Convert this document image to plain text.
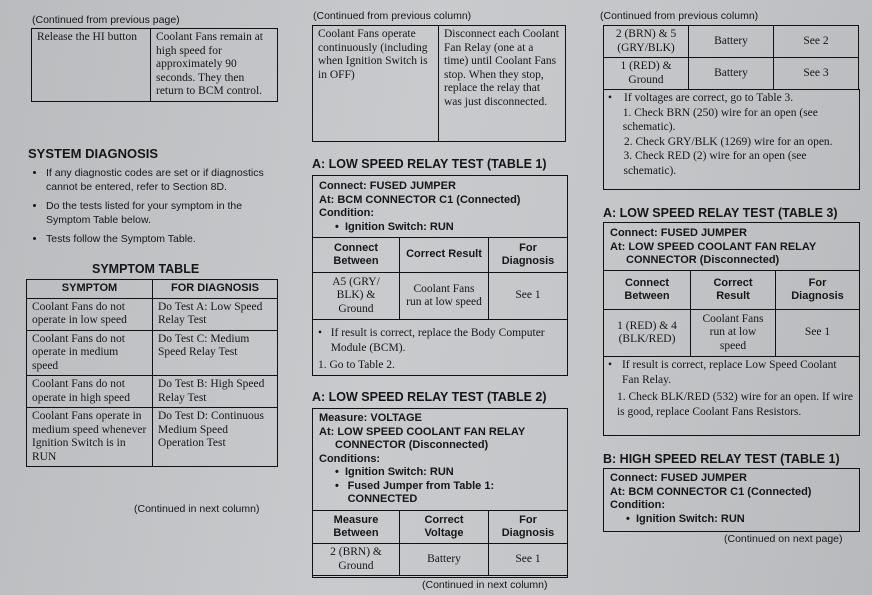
(Continued from previous page)
Release the HI button	Coolant Fans remain at high speed for approximately 90 seconds. They then return to BCM control.
SYSTEM DIAGNOSIS
• If any diagnostic codes are set or if diagnostics cannot be entered, refer to Section 8D.
• Do the tests listed for your symptom in the Symptom Table below.
• Tests follow the Symptom Table.
SYMPTOM TABLE
SYMPTOM	FOR DIAGNOSIS
Coolant Fans do not operate in low speed	Do Test A: Low Speed Relay Test
Coolant Fans do not operate in medium speed	Do Test C: Medium Speed Relay Test
Coolant Fans do not operate in high speed	Do Test B: High Speed Relay Test
Coolant Fans operate in medium speed whenever Ignition Switch is in RUN	Do Test D: Continuous Medium Speed Operation Test
(Continued in next column)
(Continued from previous column)
Coolant Fans operate continuously (including when Ignition Switch is in OFF)	Disconnect each Coolant Fan Relay (one at a time) until Coolant Fans stop. When they stop, replace the relay that was just disconnected.
A: LOW SPEED RELAY TEST (TABLE 1)
Connect: FUSED JUMPER
At: BCM CONNECTOR C1 (Connected)
Condition:
•  Ignition Switch: RUN
Connect Between	Correct Result	For Diagnosis
A5 (GRY/ BLK) & Ground	Coolant Fans run at low speed	See 1
• If result is correct, replace the Body Computer Module (BCM).
1. Go to Table 2.
A: LOW SPEED RELAY TEST (TABLE 2)
Measure: VOLTAGE
At: LOW SPEED COOLANT FAN RELAY
CONNECTOR (Disconnected)
Conditions:
•  Ignition Switch: RUN
• Fused Jumper from Table 1: CONNECTED
Measure Between	Correct Voltage	For Diagnosis
2 (BRN) & Ground	Battery	See 1
(Continued in next column)
(Continued from previous column)
2 (BRN) & 5 (GRY/BLK)	Battery	See 2
1 (RED) & Ground	Battery	See 3
•	If voltages are correct, go to Table 3.
1. Check BRN (250) wire for an open (see schematic).
2. Check GRY/BLK (1269) wire for an open.
3. Check RED (2) wire for an open (see schematic).
A: LOW SPEED RELAY TEST (TABLE 3)
Connect: FUSED JUMPER
At: LOW SPEED COOLANT FAN RELAY
CONNECTOR (Disconnected)
Connect Between	Correct Result	For Diagnosis
1 (RED) & 4 (BLK/RED)	Coolant Fans run at low speed	See 1
• If result is correct, replace Low Speed Coolant Fan Relay.
1. Check BLK/RED (532) wire for an open. If wire is good, replace Coolant Fans Resistors.
B: HIGH SPEED RELAY TEST (TABLE 1)
Connect: FUSED JUMPER
At: BCM CONNECTOR C1 (Connected)
Condition:
•  Ignition Switch: RUN
(Continued on next page)
